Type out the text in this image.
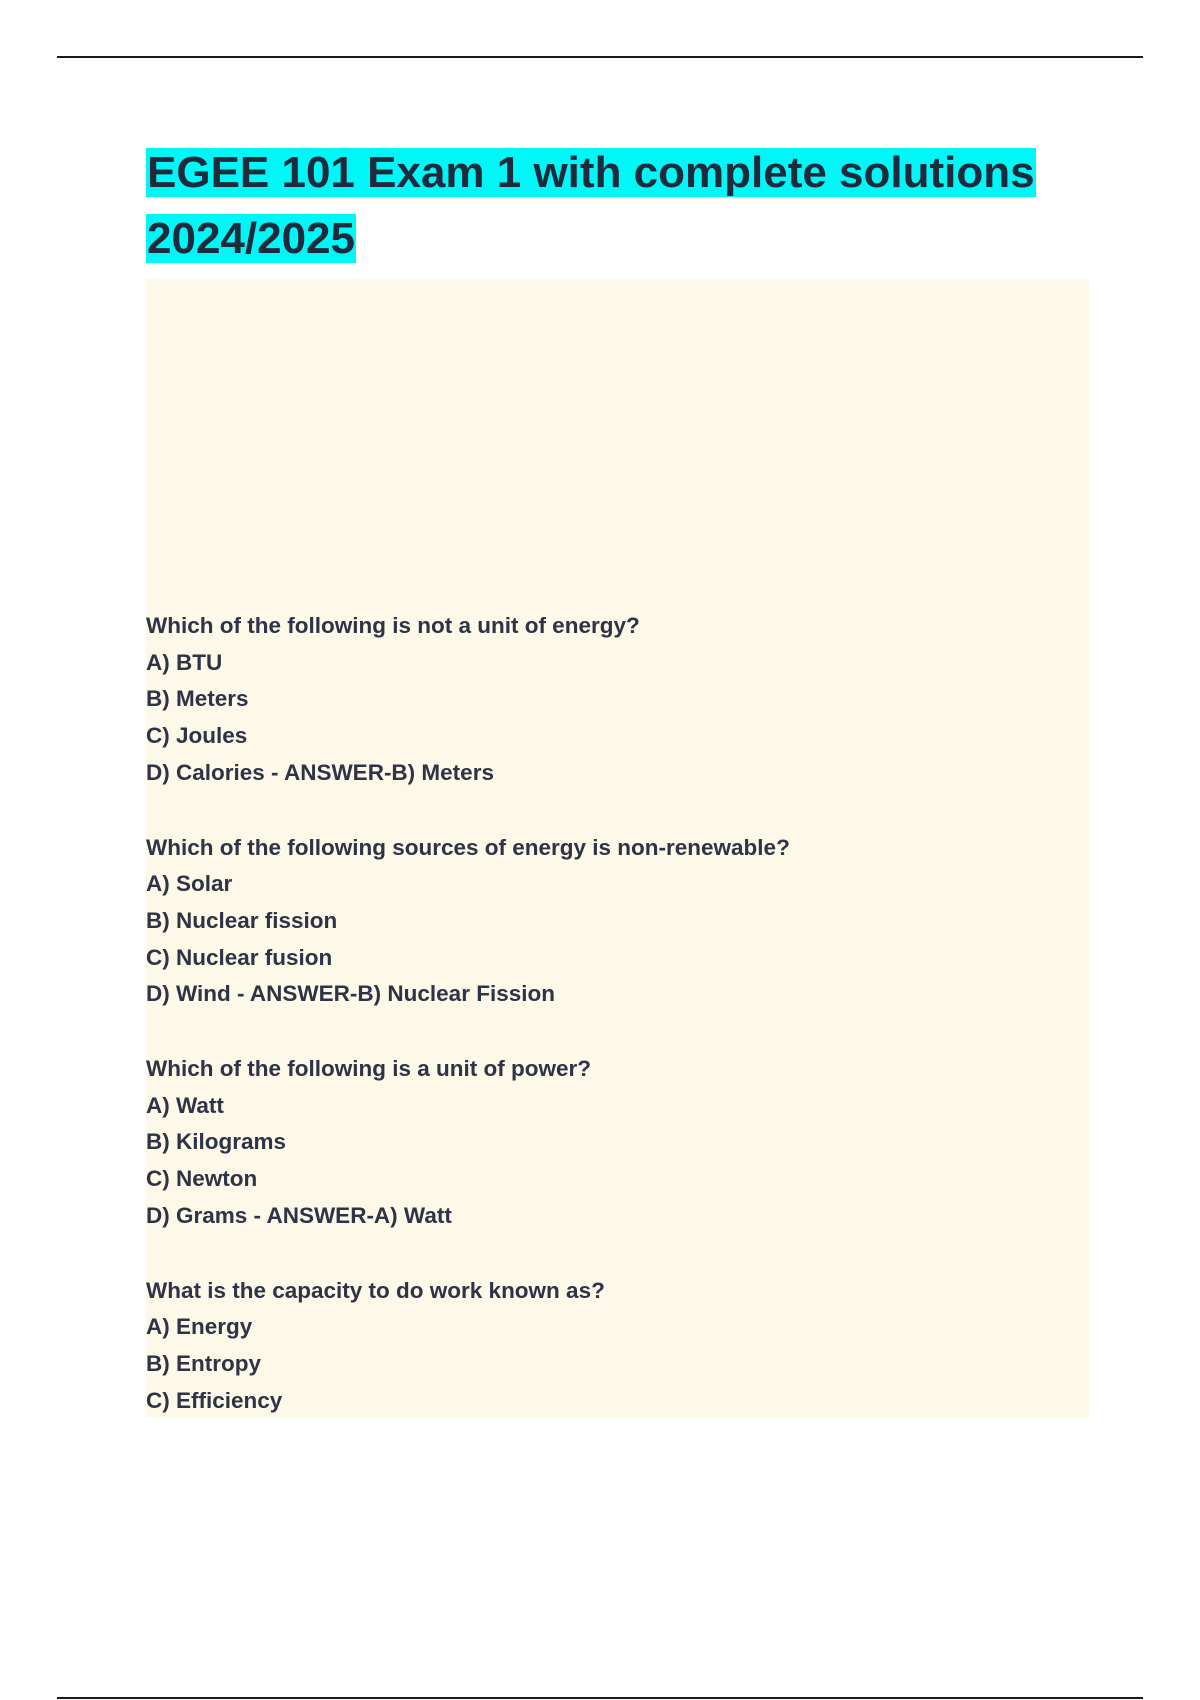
EGEE 101 Exam 1 with complete solutions
2024/2025
Which of the following is not a unit of energy?
A) BTU
B) Meters
C) Joules
D) Calories - ANSWER-B) Meters
Which of the following sources of energy is non-renewable?
A) Solar
B) Nuclear fission
C) Nuclear fusion
D) Wind - ANSWER-B) Nuclear Fission
Which of the following is a unit of power?
A) Watt
B) Kilograms
C) Newton
D) Grams - ANSWER-A) Watt
What is the capacity to do work known as?
A) Energy
B) Entropy
C) Efficiency
